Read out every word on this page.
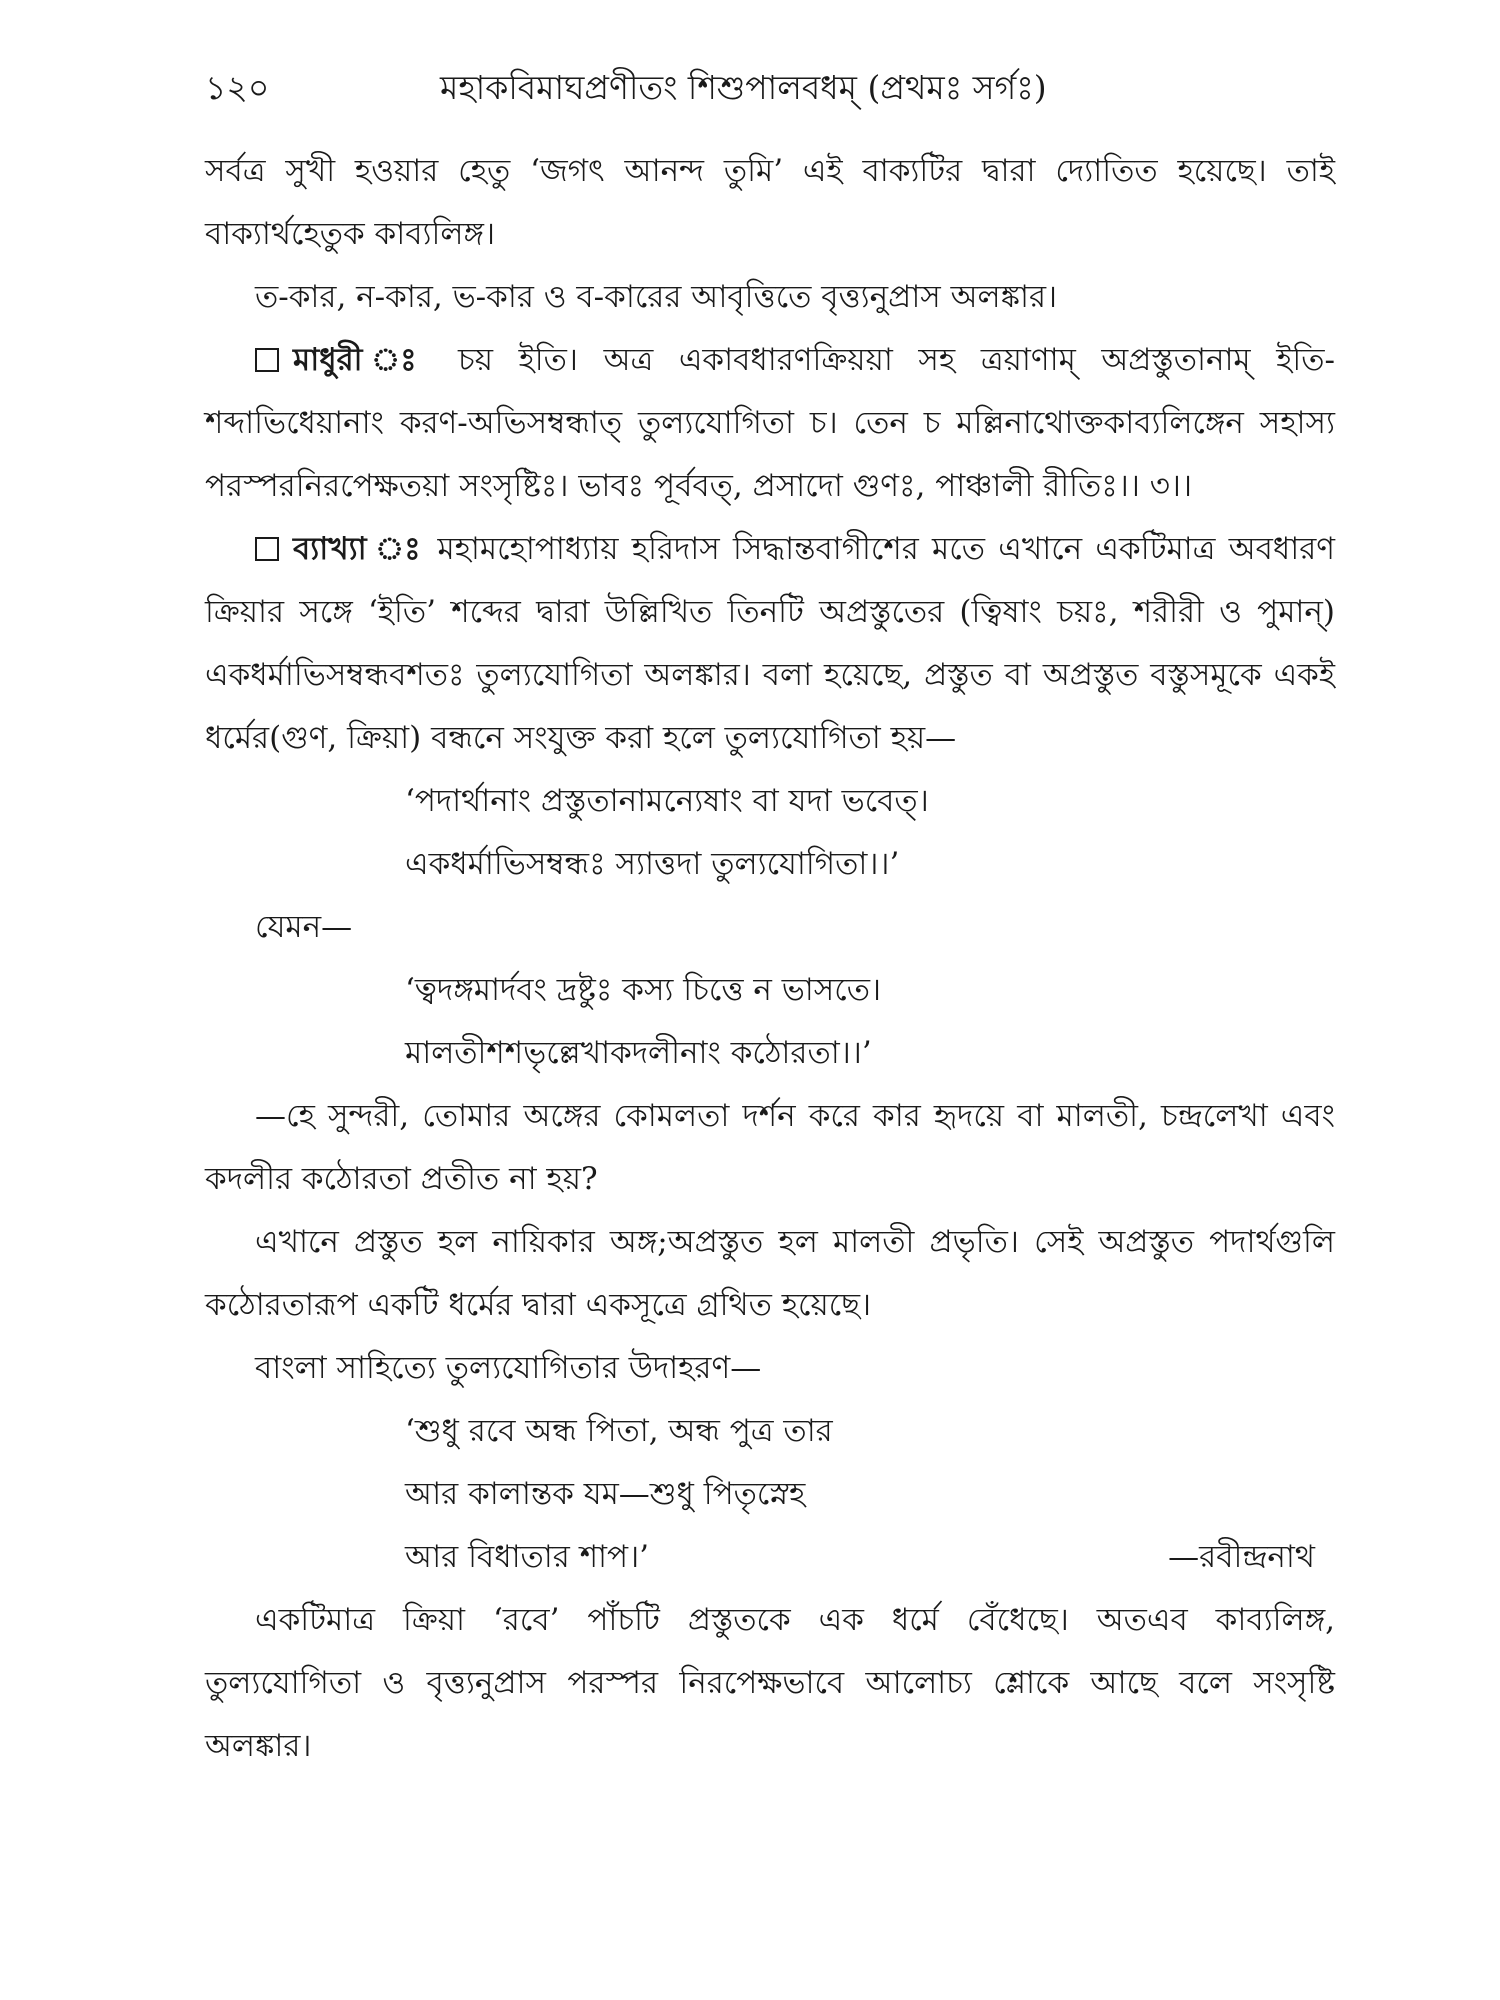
১২০	মহাকবিমাঘপ্রণীতং শিশুপালবধম্ (প্রথমঃ সর্গঃ)

সর্বত্র সুখী হওয়ার হেতু ‘জগৎ আনন্দ তুমি’ এই বাক্যটির দ্বারা দ্যোতিত হয়েছে। তাই বাক্যার্থহেতুক কাব্যলিঙ্গ।

ত-কার, ন-কার, ভ-কার ও ব-কারের আবৃত্তিতে বৃত্ত্যনুপ্রাস অলঙ্কার।

মাধুরী ঃ চয় ইতি। অত্র একাবধারণক্রিয়য়া সহ ত্রয়াণাম্ অপ্রস্তুতানাম্ ইতি-শব্দাভিধেয়ানাং করণ-অভিসম্বন্ধাত্ তুল্যযোগিতা চ। তেন চ মল্লিনাথোক্তকাব্যলিঙ্গেন সহাস্য পরস্পরনিরপেক্ষতয়া সংসৃষ্টিঃ। ভাবঃ পূর্ববত্, প্রসাদো গুণঃ, পাঞ্চালী রীতিঃ।। ৩।।

ব্যাখ্যা ঃ মহামহোপাধ্যায় হরিদাস সিদ্ধান্তবাগীশের মতে এখানে একটিমাত্র অবধারণ ক্রিয়ার সঙ্গে ‘ইতি’ শব্দের দ্বারা উল্লিখিত তিনটি অপ্রস্তুতের (ত্বিষাং চয়ঃ, শরীরী ও পুমান্) একধর্মাভিসম্বন্ধবশতঃ তুল্যযোগিতা অলঙ্কার। বলা হয়েছে, প্রস্তুত বা অপ্রস্তুত বস্তুসমূকে একই ধর্মের(গুণ, ক্রিয়া) বন্ধনে সংযুক্ত করা হলে তুল্যযোগিতা হয়—

‘পদার্থানাং প্রস্তুতানামন্যেষাং বা যদা ভবেত্।

একধর্মাভিসম্বন্ধঃ স্যাত্তদা তুল্যযোগিতা।।’

যেমন—

‘ত্বদঙ্গমার্দবং দ্রষ্টুঃ কস্য চিত্তে ন ভাসতে।

মালতীশশভৃল্লেখাকদলীনাং কঠোরতা।।’

—হে সুন্দরী, তোমার অঙ্গের কোমলতা দর্শন করে কার হৃদয়ে বা মালতী, চন্দ্রলেখা এবং কদলীর কঠোরতা প্রতীত না হয়?

এখানে প্রস্তুত হল নায়িকার অঙ্গ;অপ্রস্তুত হল মালতী প্রভৃতি। সেই অপ্রস্তুত পদার্থগুলি কঠোরতারূপ একটি ধর্মের দ্বারা একসূত্রে গ্রথিত হয়েছে।

বাংলা সাহিত্যে তুল্যযোগিতার উদাহরণ—

‘শুধু রবে অন্ধ পিতা, অন্ধ পুত্র তার

আর কালান্তক যম—শুধু পিতৃস্নেহ

আর বিধাতার শাপ।’	—রবীন্দ্রনাথ

একটিমাত্র ক্রিয়া ‘রবে’ পাঁচটি প্রস্তুতকে এক ধর্মে বেঁধেছে। অতএব কাব্যলিঙ্গ, তুল্যযোগিতা ও বৃত্ত্যনুপ্রাস পরস্পর নিরপেক্ষভাবে আলোচ্য শ্লোকে আছে বলে সংসৃষ্টি অলঙ্কার।
